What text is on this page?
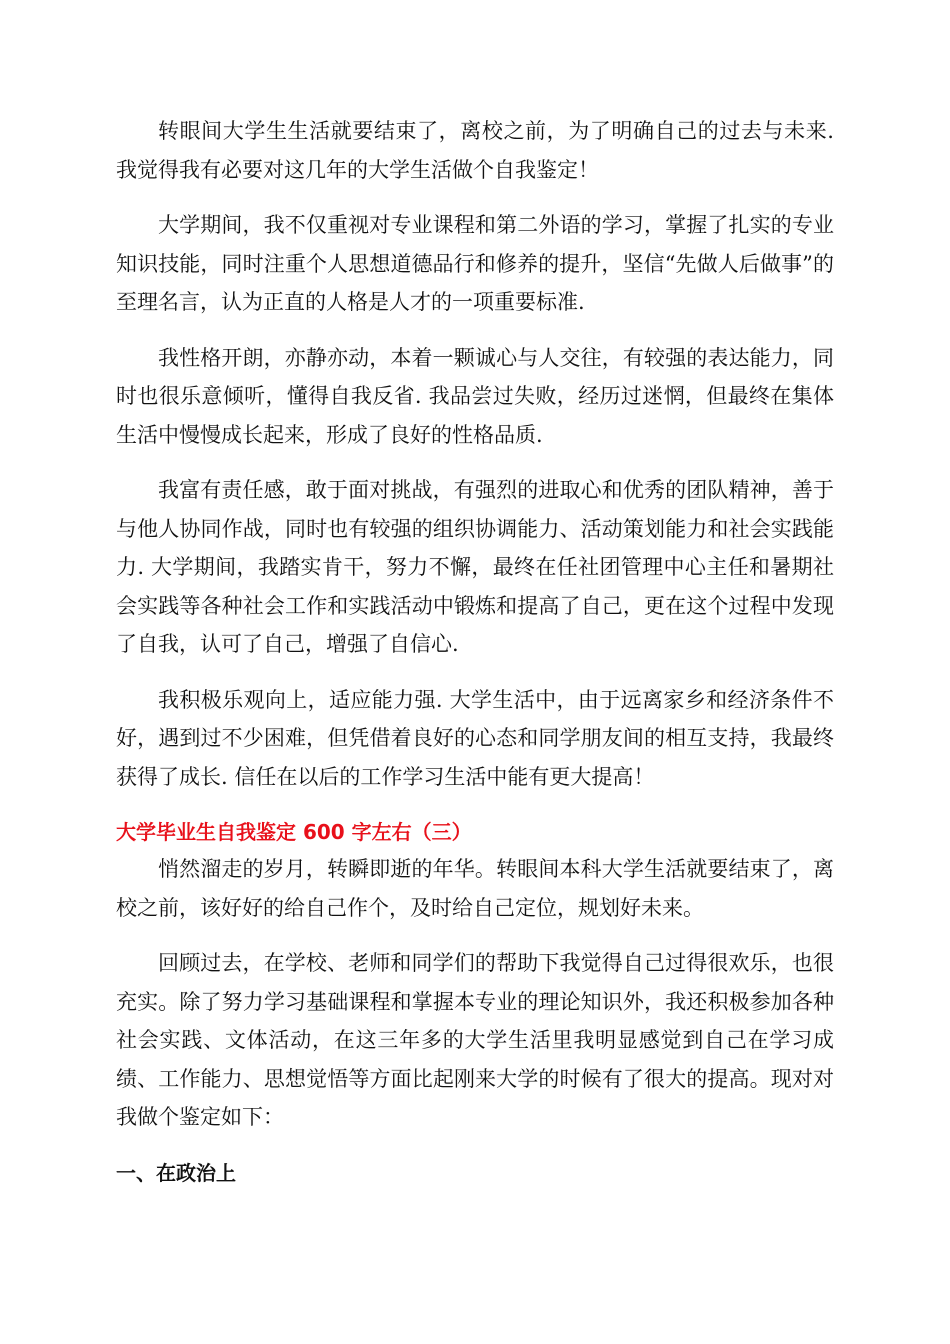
转眼间大学生生活就要结束了，离校之前，为了明确自己的过去与未来. 我觉得我有必要对这几年的大学生活做个自我鉴定！

大学期间，我不仅重视对专业课程和第二外语的学习，掌握了扎实的专业知识技能，同时注重个人思想道德品行和修养的提升，坚信“先做人后做事”的至理名言，认为正直的人格是人才的一项重要标准.

我性格开朗，亦静亦动，本着一颗诚心与人交往，有较强的表达能力，同时也很乐意倾听，懂得自我反省. 我品尝过失败，经历过迷惘，但最终在集体生活中慢慢成长起来，形成了良好的性格品质.

我富有责任感，敢于面对挑战，有强烈的进取心和优秀的团队精神，善于与他人协同作战，同时也有较强的组织协调能力、活动策划能力和社会实践能力. 大学期间，我踏实肯干，努力不懈，最终在任社团管理中心主任和暑期社会实践等各种社会工作和实践活动中锻炼和提高了自己，更在这个过程中发现了自我，认可了自己，增强了自信心.

我积极乐观向上，适应能力强. 大学生活中，由于远离家乡和经济条件不好，遇到过不少困难，但凭借着良好的心态和同学朋友间的相互支持，我最终获得了成长. 信任在以后的工作学习生活中能有更大提高！

大学毕业生自我鉴定 600 字左右（三）

悄然溜走的岁月，转瞬即逝的年华。转眼间本科大学生活就要结束了，离校之前，该好好的给自己作个，及时给自己定位，规划好未来。

回顾过去，在学校、老师和同学们的帮助下我觉得自己过得很欢乐，也很充实。除了努力学习基础课程和掌握本专业的理论知识外，我还积极参加各种社会实践、文体活动，在这三年多的大学生活里我明显感觉到自己在学习成绩、工作能力、思想觉悟等方面比起刚来大学的时候有了很大的提高。现对对我做个鉴定如下：

一、在政治上
